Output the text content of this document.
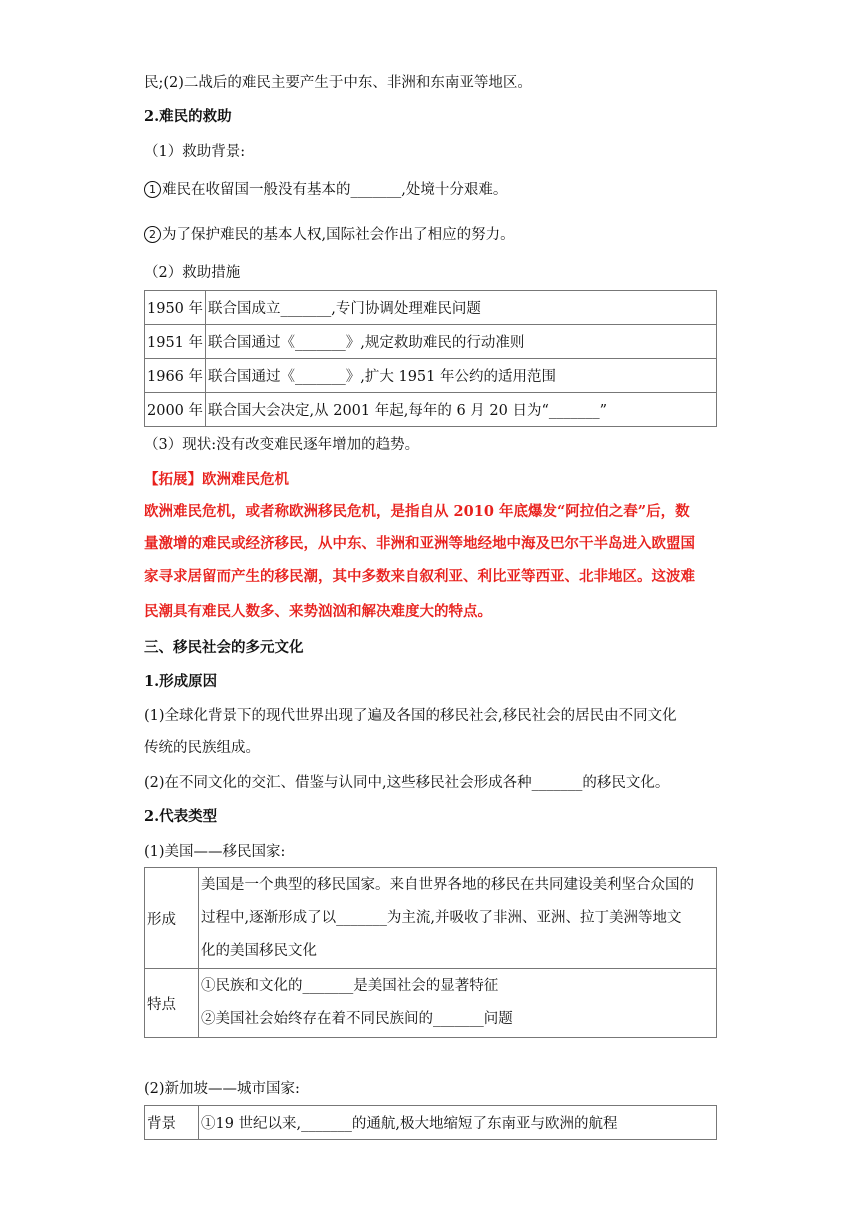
民;(2)二战后的难民主要产生于中东、非洲和东南亚等地区。
2.难民的救助
（1）救助背景:
1 难民在收留国一般没有基本的_______,处境十分艰难。
2 为了保护难民的基本人权,国际社会作出了相应的努力。
（2）救助措施
1950 年	联合国成立_______,专门协调处理难民问题
1951 年	联合国通过《_______》,规定救助难民的行动准则
1966 年	联合国通过《_______》,扩大 1951 年公约的适用范围
2000 年	联合国大会决定,从 2001 年起,每年的 6 月 20 日为“_______”
（3）现状:没有改变难民逐年增加的趋势。
【拓展】欧洲难民危机
欧洲难民危机，或者称欧洲移民危机，是指自从 2010 年底爆发“阿拉伯之春”后，数
量激增的难民或经济移民，从中东、非洲和亚洲等地经地中海及巴尔干半岛进入欧盟国
家寻求居留而产生的移民潮，其中多数来自叙利亚、利比亚等西亚、北非地区。这波难
民潮具有难民人数多、来势汹汹和解决难度大的特点。
三、移民社会的多元文化
1.形成原因
(1)全球化背景下的现代世界出现了遍及各国的移民社会,移民社会的居民由不同文化
传统的民族组成。
(2)在不同文化的交汇、借鉴与认同中,这些移民社会形成各种_______的移民文化。
2.代表类型
(1)美国——移民国家:
形成	美国是一个典型的移民国家。来自世界各地的移民在共同建设美利坚合众国的
过程中,逐渐形成了以_______为主流,并吸收了非洲、亚洲、拉丁美洲等地文
化的美国移民文化

特点	①民族和文化的_______是美国社会的显著特征
②美国社会始终存在着不同民族间的_______问题
(2)新加坡——城市国家:
背景	①19 世纪以来,_______的通航,极大地缩短了东南亚与欧洲的航程
